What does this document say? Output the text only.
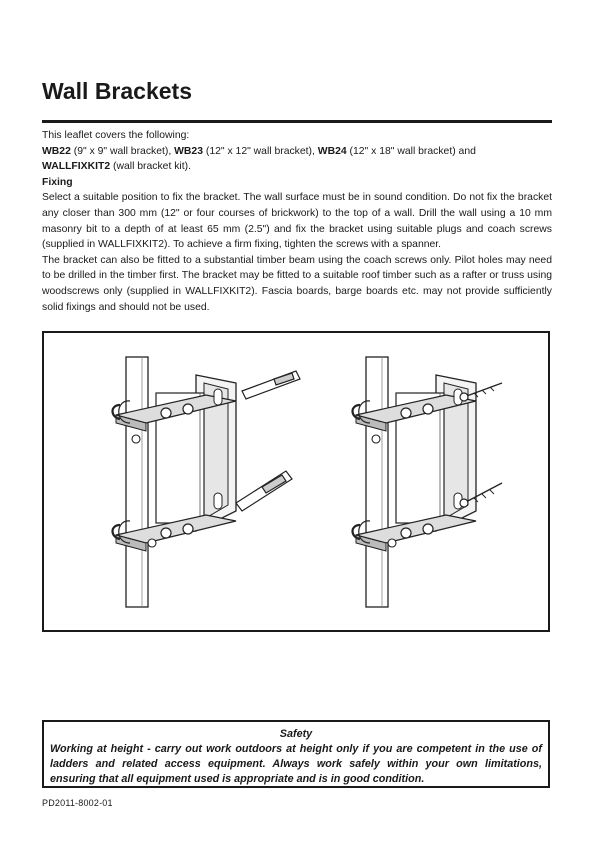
Wall Brackets

This leaflet covers the following:

WB22 (9" x 9" wall bracket), WB23 (12" x 12" wall bracket), WB24 (12" x 18" wall bracket) and
WALLFIXKIT2 (wall bracket kit).

Fixing

Select a suitable position to fix the bracket. The wall surface must be in sound condition. Do not fix the bracket any closer than 300 mm (12" or four courses of brickwork) to the top of a wall. Drill the wall using a 10 mm masonry bit to a depth of at least 65 mm (2.5") and fix the bracket using suitable plugs and coach screws (supplied in WALLFIXKIT2). To achieve a firm fixing, tighten the screws with a spanner.

The bracket can also be fitted to a substantial timber beam using the coach screws only. Pilot holes may need to be drilled in the timber first. The bracket may be fitted to a suitable roof timber such as a rafter or truss using woodscrews only (supplied in WALLFIXKIT2). Fascia boards, barge boards etc. may not provide sufficiently solid fixings and should not be used.

Safety
Working at height - carry out work outdoors at height only if you are competent in the use of ladders and related access equipment. Always work safely within your own limitations, ensuring that all equipment used is appropriate and is in good condition.
PD2011-8002-01
